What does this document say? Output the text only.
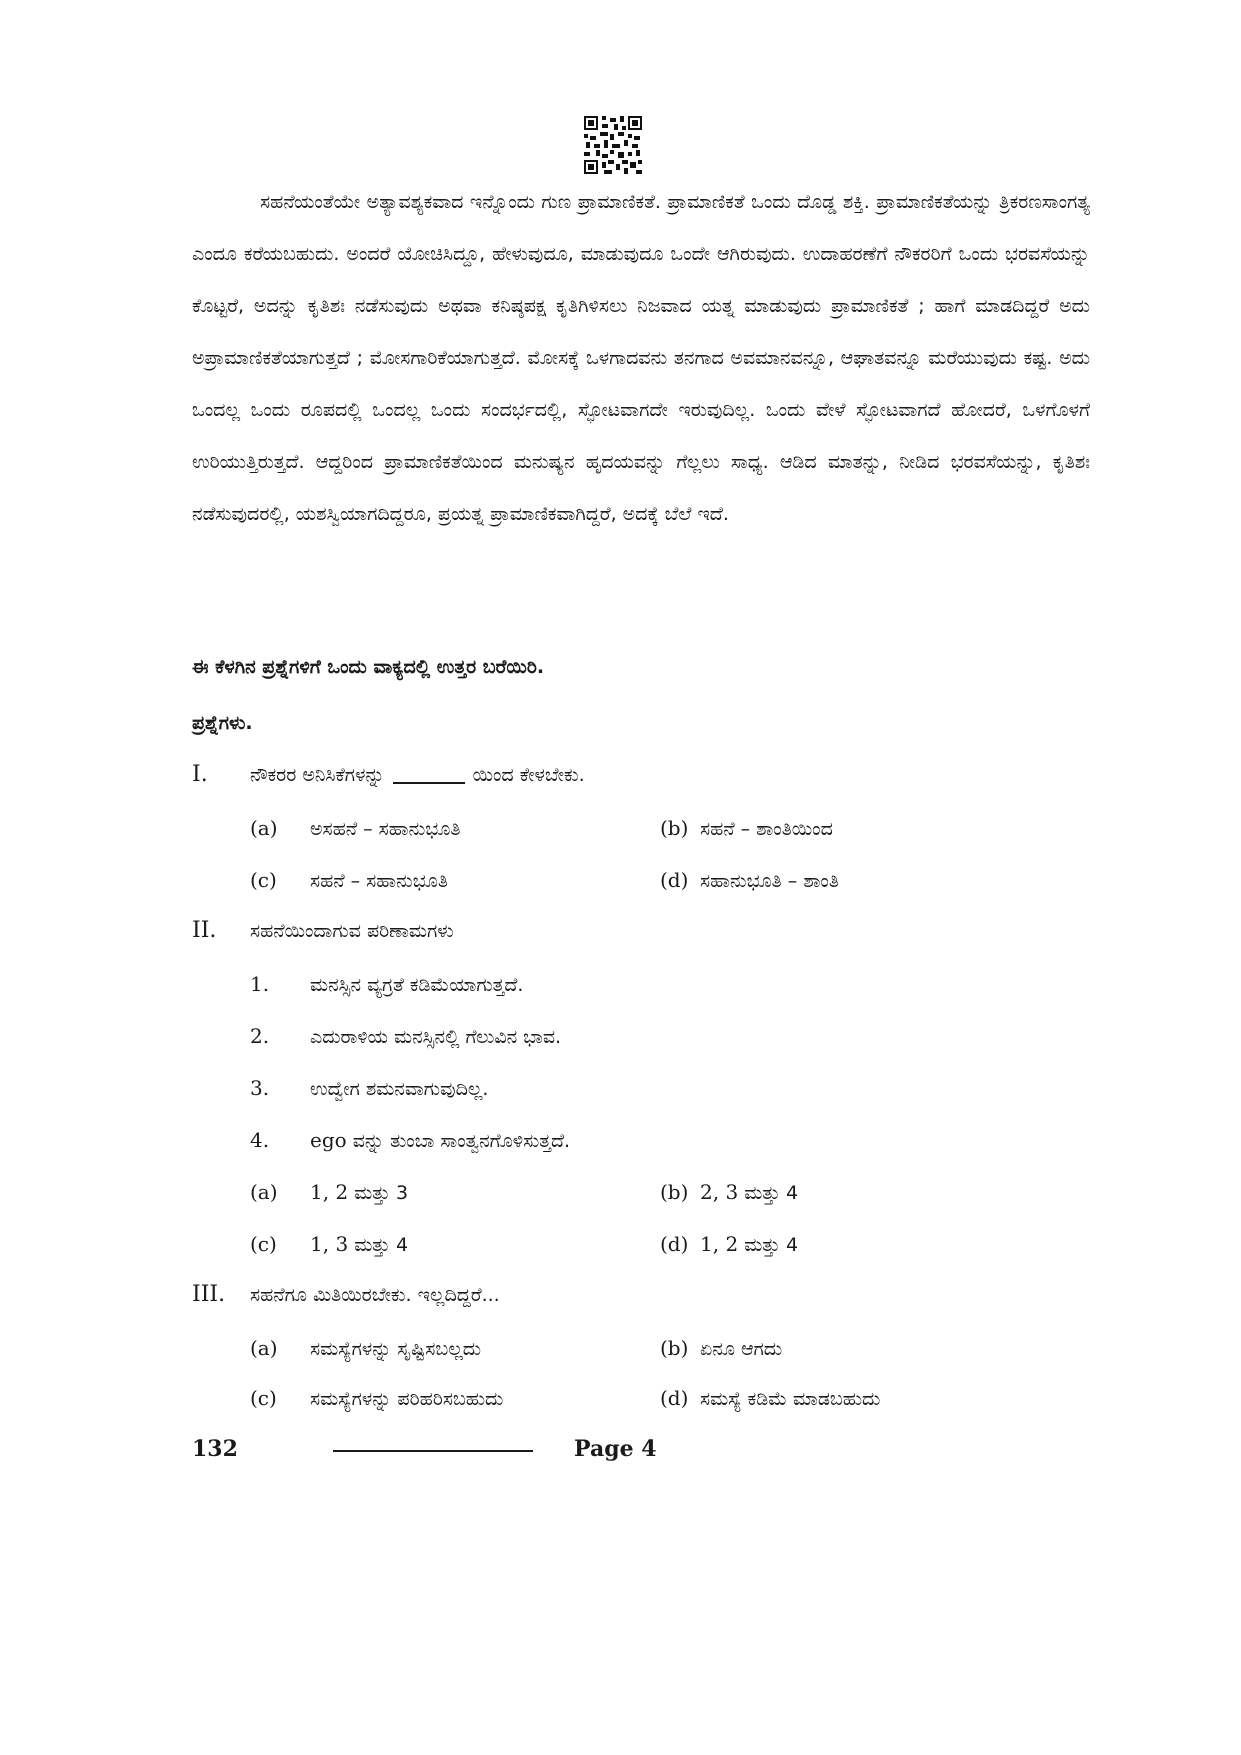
ಸಹನೆಯಂತೆಯೇ ಅತ್ಯಾವಶ್ಯಕವಾದ ಇನ್ನೊಂದು ಗುಣ ಪ್ರಾಮಾಣಿಕತೆ. ಪ್ರಾಮಾಣಿಕತೆ ಒಂದು ದೊಡ್ಡ ಶಕ್ತಿ. ಪ್ರಾಮಾಣಿಕತೆಯನ್ನು ತ್ರಿಕರಣಸಾಂಗತ್ಯ ಎಂದೂ ಕರೆಯಬಹುದು. ಅಂದರೆ ಯೋಚಿಸಿದ್ದೂ, ಹೇಳುವುದೂ, ಮಾಡುವುದೂ ಒಂದೇ ಆಗಿರುವುದು. ಉದಾಹರಣೆಗೆ ನೌಕರರಿಗೆ ಒಂದು ಭರವಸೆಯನ್ನು ಕೊಟ್ಟರೆ, ಅದನ್ನು ಕೃತಿಶಃ ನಡೆಸುವುದು ಅಥವಾ ಕನಿಷ್ಠಪಕ್ಷ ಕೃತಿಗಿಳಿಸಲು ನಿಜವಾದ ಯತ್ನ ಮಾಡುವುದು ಪ್ರಾಮಾಣಿಕತೆ ; ಹಾಗೆ ಮಾಡದಿದ್ದರೆ ಅದು ಅಪ್ರಾಮಾಣಿಕತೆಯಾಗುತ್ತದೆ ; ಮೋಸಗಾರಿಕೆಯಾಗುತ್ತದೆ. ಮೋಸಕ್ಕೆ ಒಳಗಾದವನು ತನಗಾದ ಅವಮಾನವನ್ನೂ, ಆಘಾತವನ್ನೂ ಮರೆಯುವುದು ಕಷ್ಟ. ಅದು ಒಂದಲ್ಲ ಒಂದು ರೂಪದಲ್ಲಿ ಒಂದಲ್ಲ ಒಂದು ಸಂದರ್ಭದಲ್ಲಿ, ಸ್ಫೋಟವಾಗದೇ ಇರುವುದಿಲ್ಲ. ಒಂದು ವೇಳೆ ಸ್ಫೋಟವಾಗದೆ ಹೋದರೆ, ಒಳಗೊಳಗೆ ಉರಿಯುತ್ತಿರುತ್ತದೆ. ಆದ್ದರಿಂದ ಪ್ರಾಮಾಣಿಕತೆಯಿಂದ ಮನುಷ್ಯನ ಹೃದಯವನ್ನು ಗೆಲ್ಲಲು ಸಾಧ್ಯ. ಆಡಿದ ಮಾತನ್ನು, ನೀಡಿದ ಭರವಸೆಯನ್ನು, ಕೃತಿಶಃ ನಡೆಸುವುದರಲ್ಲಿ, ಯಶಸ್ವಿಯಾಗದಿದ್ದರೂ, ಪ್ರಯತ್ನ ಪ್ರಾಮಾಣಿಕವಾಗಿದ್ದರೆ, ಅದಕ್ಕೆ ಬೆಲೆ ಇದೆ.

ಈ ಕೆಳಗಿನ ಪ್ರಶ್ನೆಗಳಿಗೆ ಒಂದು ವಾಕ್ಯದಲ್ಲಿ ಉತ್ತರ ಬರೆಯಿರಿ.
ಪ್ರಶ್ನೆಗಳು.
I. ನೌಕರರ ಅನಿಸಿಕೆಗಳನ್ನು	ಯಿಂದ ಕೇಳಬೇಕು.
(a) ಅಸಹನೆ – ಸಹಾನುಭೂತಿ	(b) ಸಹನೆ – ಶಾಂತಿಯಿಂದ
(c) ಸಹನೆ – ಸಹಾನುಭೂತಿ	(d) ಸಹಾನುಭೂತಿ – ಶಾಂತಿ
II. ಸಹನೆಯಿಂದಾಗುವ ಪರಿಣಾಮಗಳು
1. ಮನಸ್ಸಿನ ವ್ಯಗ್ರತೆ ಕಡಿಮೆಯಾಗುತ್ತದೆ.
2. ಎದುರಾಳಿಯ ಮನಸ್ಸಿನಲ್ಲಿ ಗೆಲುವಿನ ಭಾವ.
3. ಉದ್ವೇಗ ಶಮನವಾಗುವುದಿಲ್ಲ.
4. ego ವನ್ನು ತುಂಬಾ ಸಾಂತ್ವನಗೊಳಿಸುತ್ತದೆ.
(a) 1, 2 ಮತ್ತು 3	(b) 2, 3 ಮತ್ತು 4
(c) 1, 3 ಮತ್ತು 4	(d) 1, 2 ಮತ್ತು 4
III. ಸಹನೆಗೂ ಮಿತಿಯಿರಬೇಕು. ಇಲ್ಲದಿದ್ದರೆ...
(a) ಸಮಸ್ಯೆಗಳನ್ನು ಸೃಷ್ಟಿಸಬಲ್ಲದು	(b) ಏನೂ ಆಗದು
(c) ಸಮಸ್ಯೆಗಳನ್ನು ಪರಿಹರಿಸಬಹುದು	(d) ಸಮಸ್ಯೆ ಕಡಿಮೆ ಮಾಡಬಹುದು
132	Page 4
